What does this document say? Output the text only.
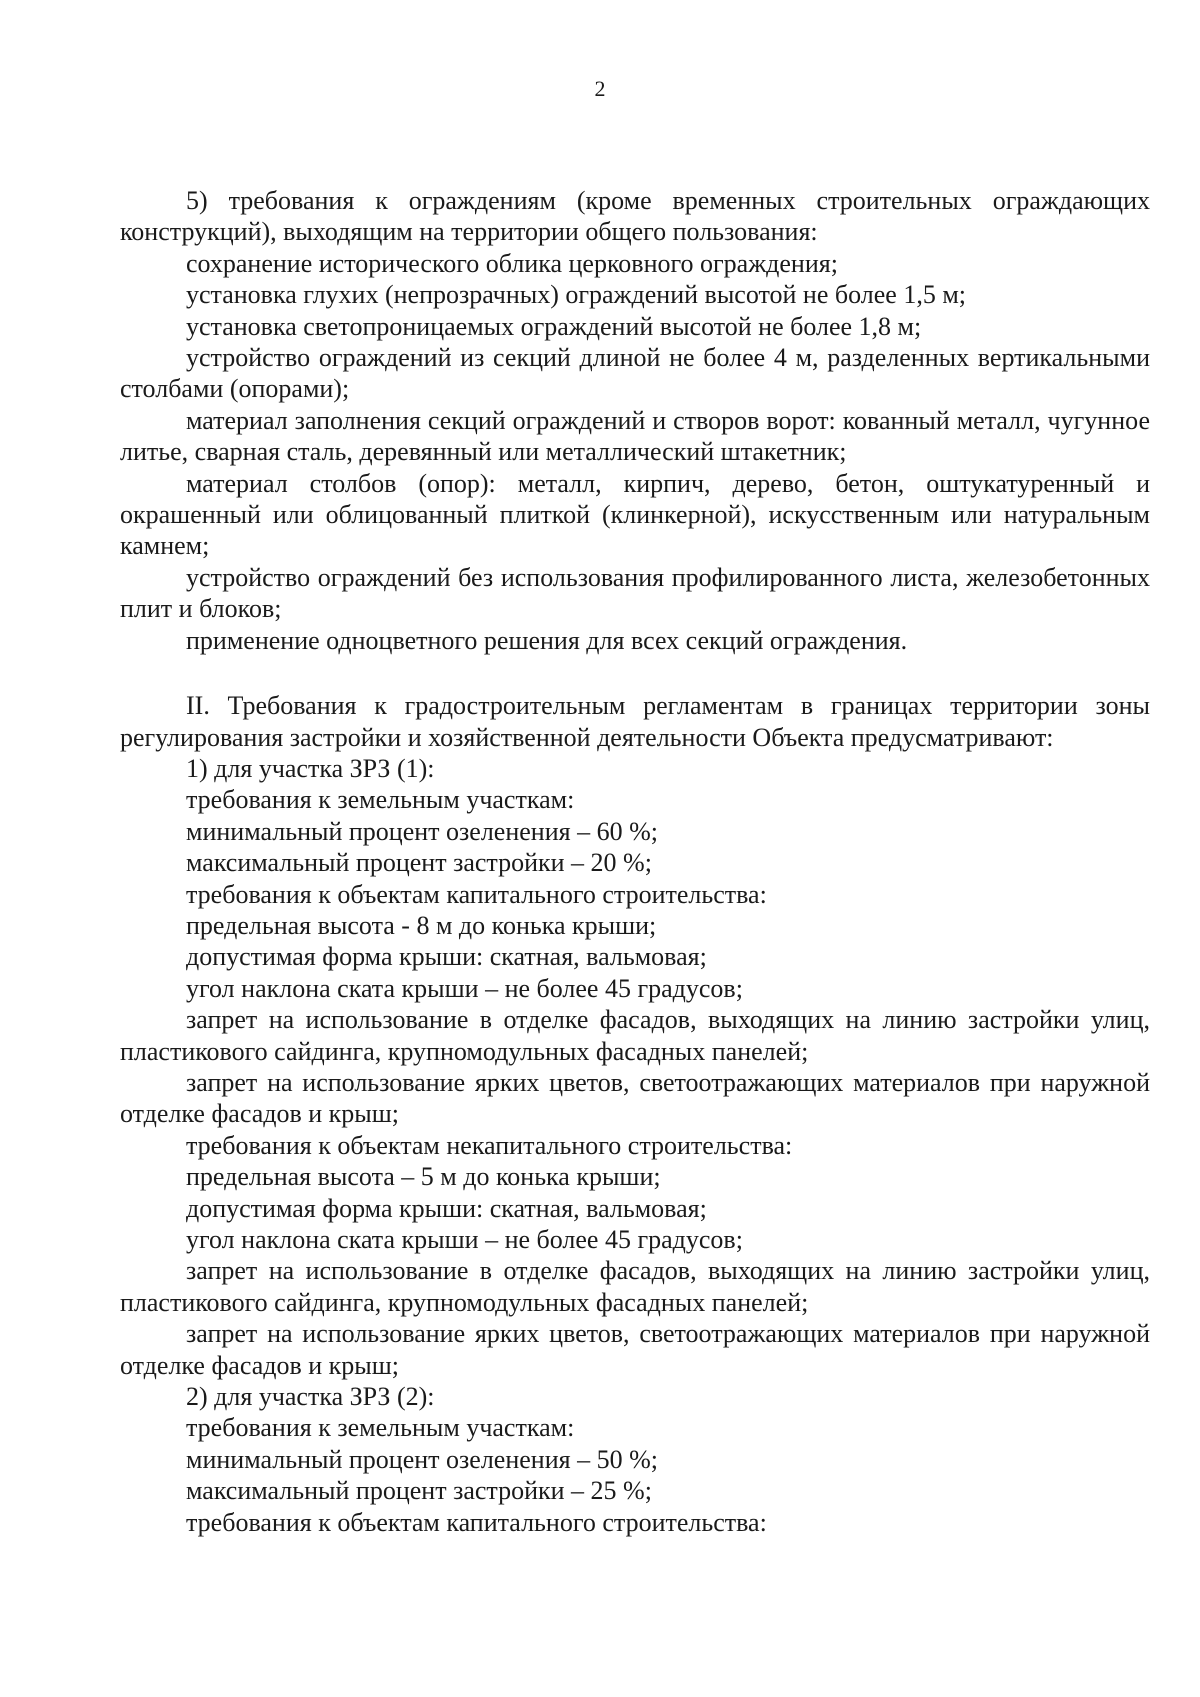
2

5) требования к ограждениям (кроме временных строительных ограждающих конструкций), выходящим на территории общего пользования:

сохранение исторического облика церковного ограждения;

установка глухих (непрозрачных) ограждений высотой не более 1,5 м;

установка светопроницаемых ограждений высотой не более 1,8 м;

устройство ограждений из секций длиной не более 4 м, разделенных вертикальными столбами (опорами);

материал заполнения секций ограждений и створов ворот: кованный металл, чугунное литье, сварная сталь, деревянный или металлический штакетник;

материал столбов (опор): металл, кирпич, дерево, бетон, оштукатуренный и окрашенный или облицованный плиткой (клинкерной), искусственным или натуральным камнем;

устройство ограждений без использования профилированного листа, железобетонных плит и блоков;

применение одноцветного решения для всех секций ограждения.

II. Требования к градостроительным регламентам в границах территории зоны регулирования застройки и хозяйственной деятельности Объекта предусматривают:

1) для участка ЗРЗ (1):

требования к земельным участкам:

минимальный процент озеленения – 60 %;

максимальный процент застройки – 20 %;

требования к объектам капитального строительства:

предельная высота - 8 м до конька крыши;

допустимая форма крыши: скатная, вальмовая;

угол наклона ската крыши – не более 45 градусов;

запрет на использование в отделке фасадов, выходящих на линию застройки улиц, пластикового сайдинга, крупномодульных фасадных панелей;

запрет на использование ярких цветов, светоотражающих материалов при наружной отделке фасадов и крыш;

требования к объектам некапитального строительства:

предельная высота – 5 м до конька крыши;

допустимая форма крыши: скатная, вальмовая;

угол наклона ската крыши – не более 45 градусов;

запрет на использование в отделке фасадов, выходящих на линию застройки улиц, пластикового сайдинга, крупномодульных фасадных панелей;

запрет на использование ярких цветов, светоотражающих материалов при наружной отделке фасадов и крыш;

2) для участка ЗРЗ (2):

требования к земельным участкам:

минимальный процент озеленения – 50 %;

максимальный процент застройки – 25 %;

требования к объектам капитального строительства:
